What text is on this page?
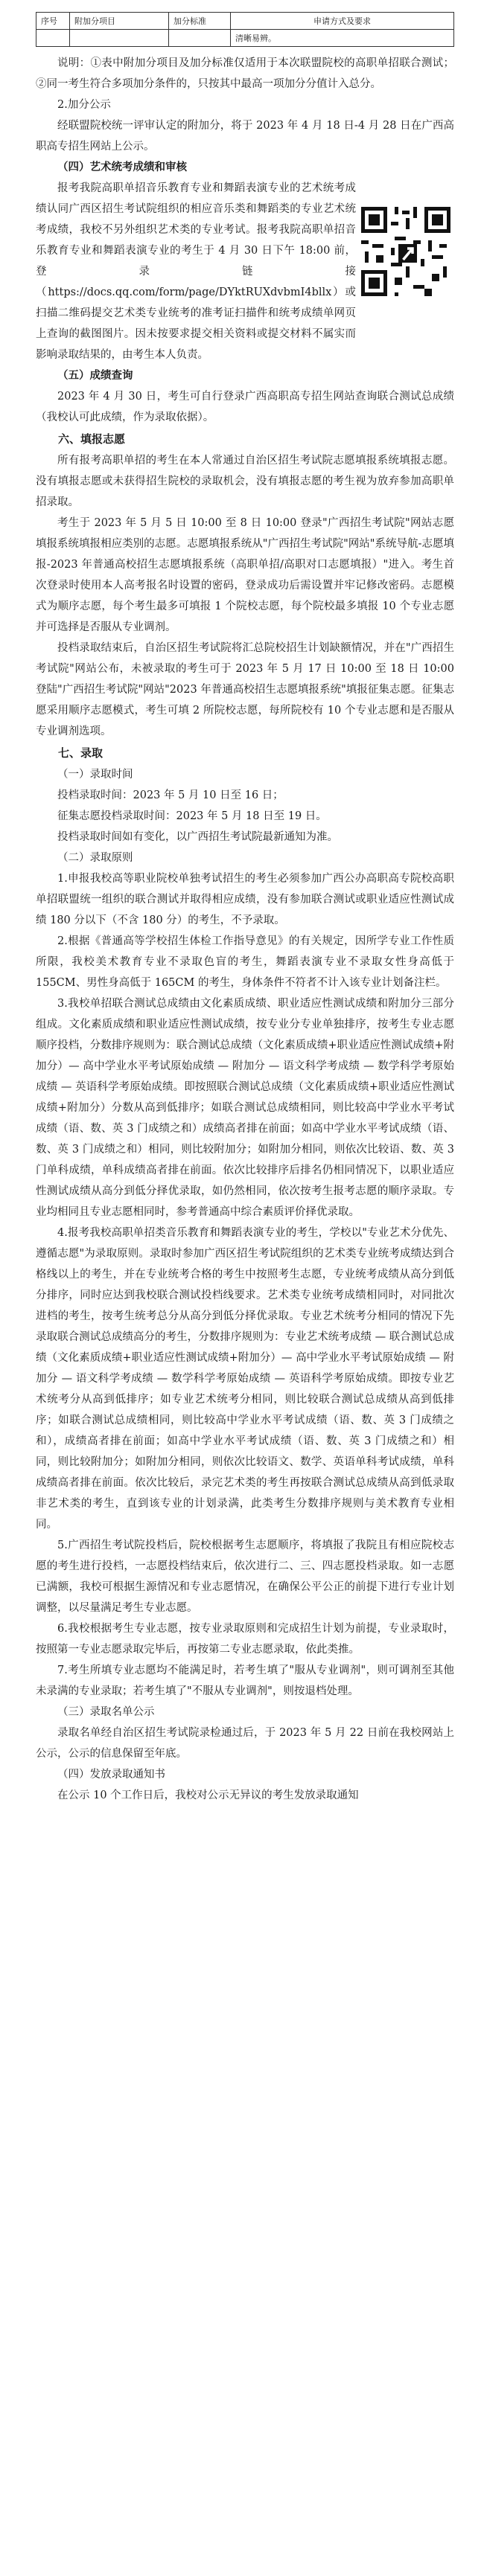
序号	附加分项目	加分标准	申请方式及要求
			清晰易辨。

说明：①表中附加分项目及加分标准仅适用于本次联盟院校的高职单招联合测试；②同一考生符合多项加分条件的，只按其中最高一项加分分值计入总分。

2.加分公示

经联盟院校统一评审认定的附加分，将于 2023 年 4 月 18 日-4 月 28 日在广西高职高专招生网站上公示。

（四）艺术统考成绩和审核

报考我院高职单招音乐教育专业和舞蹈表演专业的艺术统考成绩认同广西区招生考试院组织的相应音乐类和舞蹈类的专业艺术统考成绩，我校不另外组织艺术类的专业考试。报考我院高职单招音乐教育专业和舞蹈表演专业的考生于 4 月 30 日下午 18:00 前，登录链接（https://docs.qq.com/form/page/DYktRUXdvbmI4bllx）或扫描二维码提交艺术类专业统考的准考证扫描件和统考成绩单网页上查询的截图图片。因未按要求提交相关资料或提交材料不属实而影响录取结果的，由考生本人负责。

（五）成绩查询

2023 年 4 月 30 日，考生可自行登录广西高职高专招生网站查询联合测试总成绩（我校认可此成绩，作为录取依据）。

六、填报志愿

所有报考高职单招的考生在本人常通过自治区招生考试院志愿填报系统填报志愿。没有填报志愿或未获得招生院校的录取机会，没有填报志愿的考生视为放弃参加高职单招录取。

考生于 2023 年 5 月 5 日 10:00 至 8 日 10:00 登录"广西招生考试院"网站志愿填报系统填报相应类别的志愿。志愿填报系统从"广西招生考试院"网站"系统导航-志愿填报-2023 年普通高校招生志愿填报系统（高职单招/高职对口志愿填报）"进入。考生首次登录时使用本人高考报名时设置的密码，登录成功后需设置并牢记修改密码。志愿模式为顺序志愿，每个考生最多可填报 1 个院校志愿，每个院校最多填报 10 个专业志愿并可选择是否服从专业调剂。

投档录取结束后，自治区招生考试院将汇总院校招生计划缺额情况，并在"广西招生考试院"网站公布，未被录取的考生可于 2023 年 5 月 17 日 10:00 至 18 日 10:00 登陆"广西招生考试院"网站"2023 年普通高校招生志愿填报系统"填报征集志愿。征集志愿采用顺序志愿模式，考生可填 2 所院校志愿，每所院校有 10 个专业志愿和是否服从专业调剂选项。

七、录取

（一）录取时间

投档录取时间：2023 年 5 月 10 日至 16 日；

征集志愿投档录取时间：2023 年 5 月 18 日至 19 日。

投档录取时间如有变化，以广西招生考试院最新通知为准。

（二）录取原则

1.申报我校高等职业院校单独考试招生的考生必须参加广西公办高职高专院校高职单招联盟统一组织的联合测试并取得相应成绩，没有参加联合测试或职业适应性测试成绩 180 分以下（不含 180 分）的考生，不予录取。

2.根据《普通高等学校招生体检工作指导意见》的有关规定，因所学专业工作性质所限，我校美术教育专业不录取色盲的考生，舞蹈表演专业不录取女性身高低于 155CM、男性身高低于 165CM 的考生，身体条件不符者不计入该专业计划备注栏。

3.我校单招联合测试总成绩由文化素质成绩、职业适应性测试成绩和附加分三部分组成。文化素质成绩和职业适应性测试成绩，按专业分专业单独排序，按考生专业志愿顺序投档，分数排序规则为：联合测试总成绩（文化素质成绩+职业适应性测试成绩+附加分）— 高中学业水平考试原始成绩 — 附加分 — 语文科学考成绩 — 数学科学考原始成绩 — 英语科学考原始成绩。即按照联合测试总成绩（文化素质成绩+职业适应性测试成绩+附加分）分数从高到低排序；如联合测试总成绩相同，则比较高中学业水平考试成绩（语、数、英 3 门成绩之和）成绩高者排在前面；如高中学业水平考试成绩（语、数、英 3 门成绩之和）相同，则比较附加分；如附加分相同，则依次比较语、数、英 3 门单科成绩，单科成绩高者排在前面。依次比较排序后排名仍相同情况下，以职业适应性测试成绩从高分到低分择优录取，如仍然相同，依次按考生报考志愿的顺序录取。专业均相同且专业志愿相同时，参考普通高中综合素质评价择优录取。

4.报考我校高职单招类音乐教育和舞蹈表演专业的考生，学校以"专业艺术分优先、遵循志愿"为录取原则。录取时参加广西区招生考试院组织的艺术类专业统考成绩达到合格线以上的考生，并在专业统考合格的考生中按照考生志愿，专业统考成绩从高分到低分排序，同时应达到我校联合测试投档线要求。艺术类专业统考成绩相同时，对同批次进档的考生，按考生统考总分从高分到低分择优录取。专业艺术统考分相同的情况下先录取联合测试总成绩高分的考生，分数排序规则为：专业艺术统考成绩 — 联合测试总成绩（文化素质成绩+职业适应性测试成绩+附加分）— 高中学业水平考试原始成绩 — 附加分 — 语文科学考成绩 — 数学科学考原始成绩 — 英语科学考原始成绩。即按专业艺术统考分从高到低排序；如专业艺术统考分相同，则比较联合测试总成绩从高到低排序；如联合测试总成绩相同，则比较高中学业水平考试成绩（语、数、英 3 门成绩之和），成绩高者排在前面；如高中学业水平考试成绩（语、数、英 3 门成绩之和）相同，则比较附加分；如附加分相同，则依次比较语文、数学、英语单科考试成绩，单科成绩高者排在前面。依次比较后，录完艺术类的考生再按联合测试总成绩从高到低录取非艺术类的考生，直到该专业的计划录满，此类考生分数排序规则与美术教育专业相同。

5.广西招生考试院投档后，院校根据考生志愿顺序，将填报了我院且有相应院校志愿的考生进行投档，一志愿投档结束后，依次进行二、三、四志愿投档录取。如一志愿已满额，我校可根据生源情况和专业志愿情况，在确保公平公正的前提下进行专业计划调整，以尽量满足考生专业志愿。

6.我校根据考生专业志愿，按专业录取原则和完成招生计划为前提，专业录取时，按照第一专业志愿录取完毕后，再按第二专业志愿录取，依此类推。

7.考生所填专业志愿均不能满足时，若考生填了"服从专业调剂"，则可调剂至其他未录满的专业录取；若考生填了"不服从专业调剂"，则按退档处理。

（三）录取名单公示

录取名单经自治区招生考试院录检通过后，于 2023 年 5 月 22 日前在我校网站上公示，公示的信息保留至年底。

（四）发放录取通知书

在公示 10 个工作日后，我校对公示无异议的考生发放录取通知
